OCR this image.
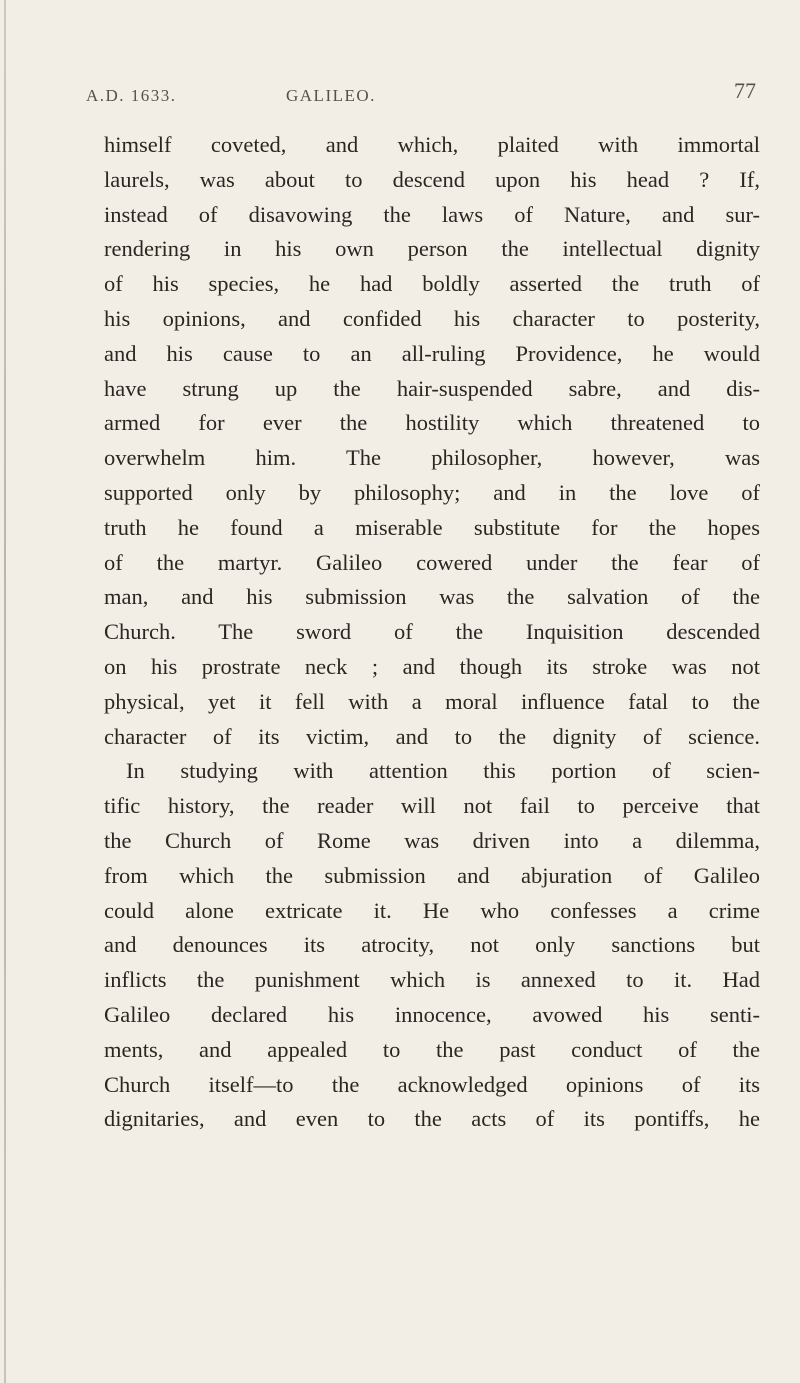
A.D. 1633.	GALILEO.	77
himself coveted, and which, plaited with immortal
laurels, was about to descend upon his head ? If,
instead of disavowing the laws of Nature, and sur-
rendering in his own person the intellectual dignity
of his species, he had boldly asserted the truth of
his opinions, and confided his character to posterity,
and his cause to an all-ruling Providence, he would
have strung up the hair-suspended sabre, and dis-
armed for ever the hostility which threatened to
overwhelm him. The philosopher, however, was
supported only by philosophy; and in the love of
truth he found a miserable substitute for the hopes
of the martyr. Galileo cowered under the fear of
man, and his submission was the salvation of the
Church. The sword of the Inquisition descended
on his prostrate neck ; and though its stroke was not
physical, yet it fell with a moral influence fatal to the
character of its victim, and to the dignity of science.
In studying with attention this portion of scien-
tific history, the reader will not fail to perceive that
the Church of Rome was driven into a dilemma,
from which the submission and abjuration of Galileo
could alone extricate it. He who confesses a crime
and denounces its atrocity, not only sanctions but
inflicts the punishment which is annexed to it. Had
Galileo declared his innocence, avowed his senti-
ments, and appealed to the past conduct of the
Church itself—to the acknowledged opinions of its
dignitaries, and even to the acts of its pontiffs, he
